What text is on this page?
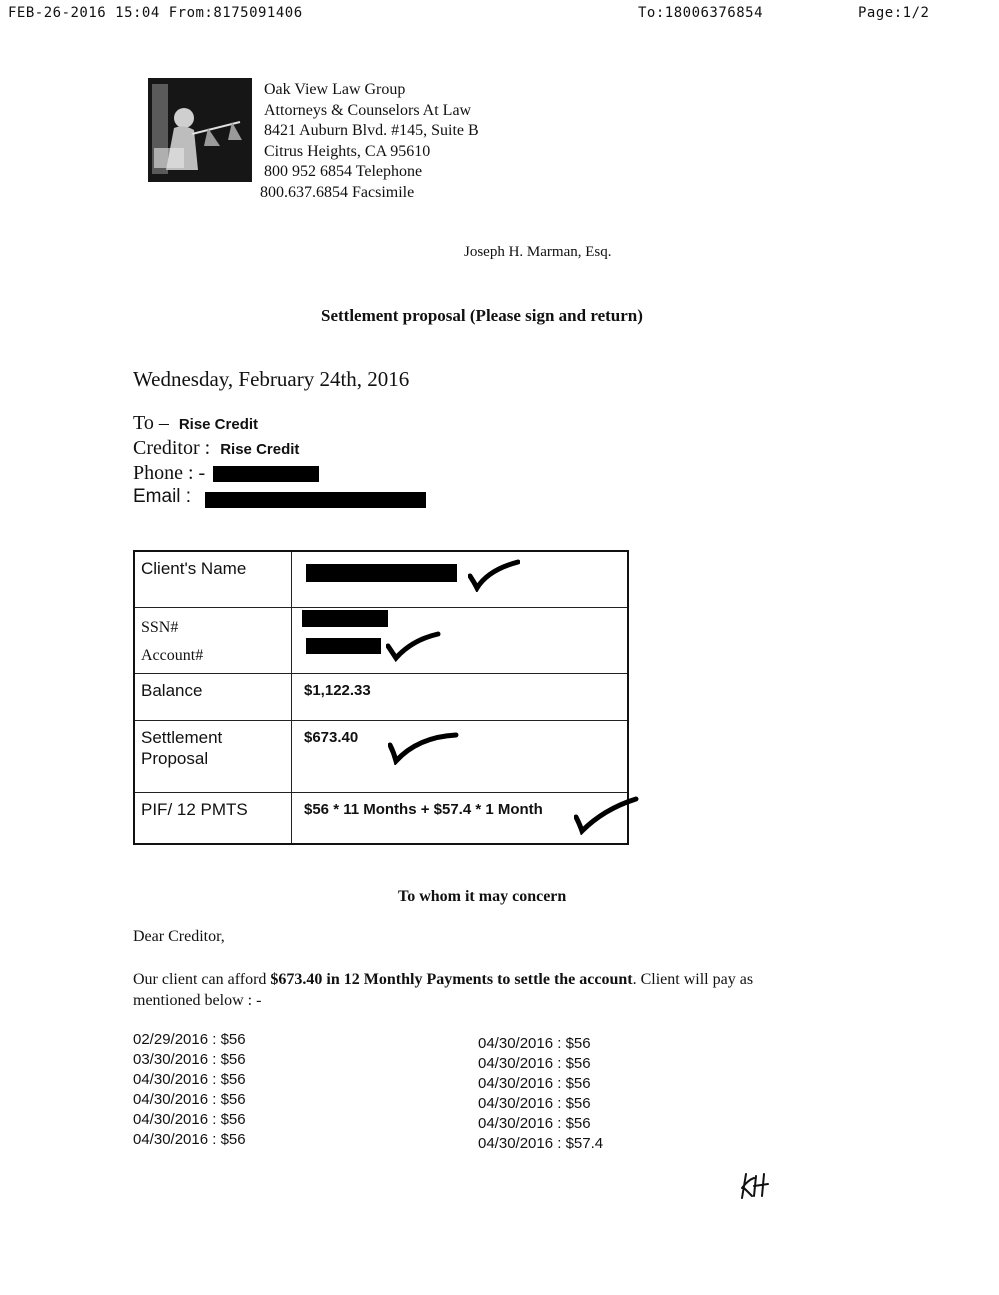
FEB-26-2016 15:04 From:8175091406	To:18006376854	Page:1/2
Oak View Law Group
Attorneys & Counselors At Law
8421 Auburn Blvd. #145, Suite B
Citrus Heights, CA 95610
800 952 6854 Telephone
800.637.6854 Facsimile
Joseph H. Marman, Esq.
Settlement proposal (Please sign and return)
Wednesday, February 24th, 2016
To – Rise Credit
Creditor : Rise Credit
Phone : -
Email :
Client's Name	

SSN#
Account#

Balance	$1,122.33

Settlement
Proposal	$673.40

PIF/ 12 PMTS	$56 * 11 Months + $57.4 * 1 Month
To whom it may concern
Dear Creditor,
Our client can afford $673.40 in 12 Monthly Payments to settle the account. Client will pay as
mentioned below : -
02/29/2016 : $56
03/30/2016 : $56
04/30/2016 : $56
04/30/2016 : $56
04/30/2016 : $56
04/30/2016 : $56
04/30/2016 : $56
04/30/2016 : $56
04/30/2016 : $56
04/30/2016 : $56
04/30/2016 : $56
04/30/2016 : $57.4
